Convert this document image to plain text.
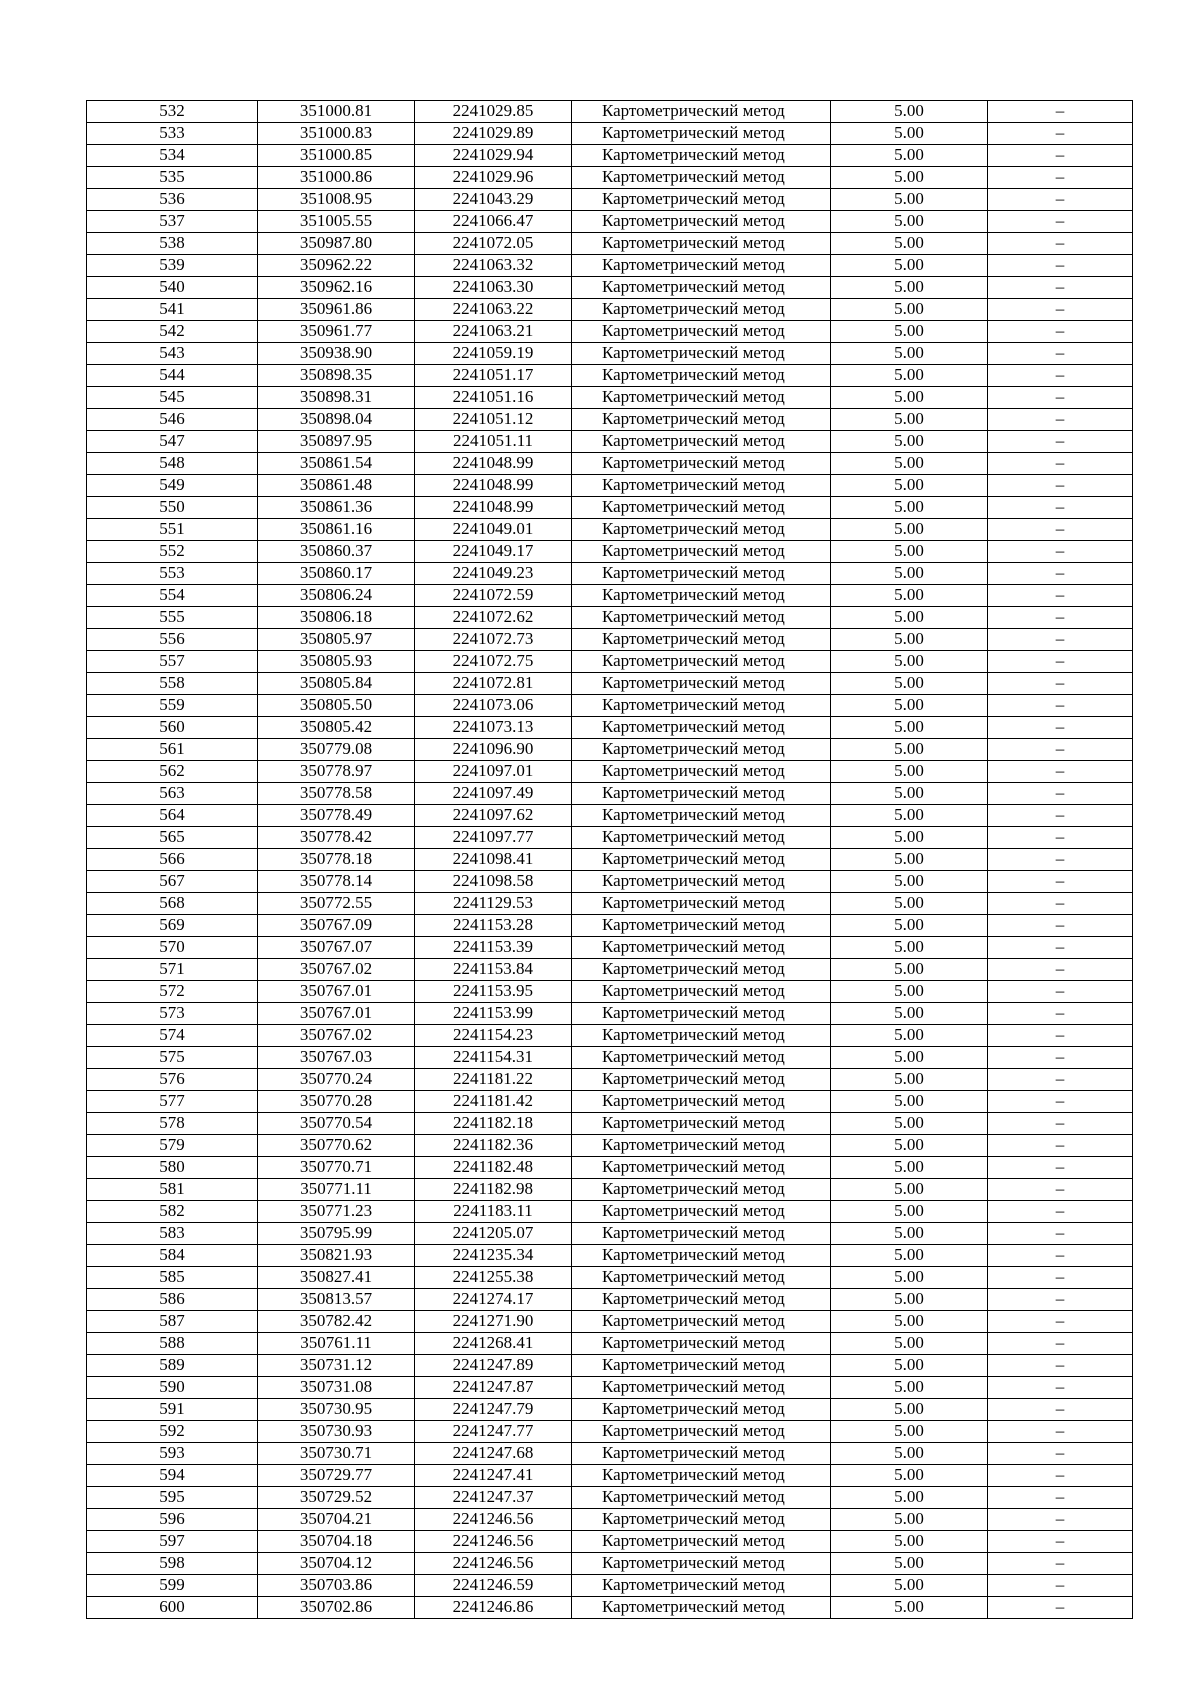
532	351000.81	2241029.85	Картометрический метод	5.00	–
533	351000.83	2241029.89	Картометрический метод	5.00	–
534	351000.85	2241029.94	Картометрический метод	5.00	–
535	351000.86	2241029.96	Картометрический метод	5.00	–
536	351008.95	2241043.29	Картометрический метод	5.00	–
537	351005.55	2241066.47	Картометрический метод	5.00	–
538	350987.80	2241072.05	Картометрический метод	5.00	–
539	350962.22	2241063.32	Картометрический метод	5.00	–
540	350962.16	2241063.30	Картометрический метод	5.00	–
541	350961.86	2241063.22	Картометрический метод	5.00	–
542	350961.77	2241063.21	Картометрический метод	5.00	–
543	350938.90	2241059.19	Картометрический метод	5.00	–
544	350898.35	2241051.17	Картометрический метод	5.00	–
545	350898.31	2241051.16	Картометрический метод	5.00	–
546	350898.04	2241051.12	Картометрический метод	5.00	–
547	350897.95	2241051.11	Картометрический метод	5.00	–
548	350861.54	2241048.99	Картометрический метод	5.00	–
549	350861.48	2241048.99	Картометрический метод	5.00	–
550	350861.36	2241048.99	Картометрический метод	5.00	–
551	350861.16	2241049.01	Картометрический метод	5.00	–
552	350860.37	2241049.17	Картометрический метод	5.00	–
553	350860.17	2241049.23	Картометрический метод	5.00	–
554	350806.24	2241072.59	Картометрический метод	5.00	–
555	350806.18	2241072.62	Картометрический метод	5.00	–
556	350805.97	2241072.73	Картометрический метод	5.00	–
557	350805.93	2241072.75	Картометрический метод	5.00	–
558	350805.84	2241072.81	Картометрический метод	5.00	–
559	350805.50	2241073.06	Картометрический метод	5.00	–
560	350805.42	2241073.13	Картометрический метод	5.00	–
561	350779.08	2241096.90	Картометрический метод	5.00	–
562	350778.97	2241097.01	Картометрический метод	5.00	–
563	350778.58	2241097.49	Картометрический метод	5.00	–
564	350778.49	2241097.62	Картометрический метод	5.00	–
565	350778.42	2241097.77	Картометрический метод	5.00	–
566	350778.18	2241098.41	Картометрический метод	5.00	–
567	350778.14	2241098.58	Картометрический метод	5.00	–
568	350772.55	2241129.53	Картометрический метод	5.00	–
569	350767.09	2241153.28	Картометрический метод	5.00	–
570	350767.07	2241153.39	Картометрический метод	5.00	–
571	350767.02	2241153.84	Картометрический метод	5.00	–
572	350767.01	2241153.95	Картометрический метод	5.00	–
573	350767.01	2241153.99	Картометрический метод	5.00	–
574	350767.02	2241154.23	Картометрический метод	5.00	–
575	350767.03	2241154.31	Картометрический метод	5.00	–
576	350770.24	2241181.22	Картометрический метод	5.00	–
577	350770.28	2241181.42	Картометрический метод	5.00	–
578	350770.54	2241182.18	Картометрический метод	5.00	–
579	350770.62	2241182.36	Картометрический метод	5.00	–
580	350770.71	2241182.48	Картометрический метод	5.00	–
581	350771.11	2241182.98	Картометрический метод	5.00	–
582	350771.23	2241183.11	Картометрический метод	5.00	–
583	350795.99	2241205.07	Картометрический метод	5.00	–
584	350821.93	2241235.34	Картометрический метод	5.00	–
585	350827.41	2241255.38	Картометрический метод	5.00	–
586	350813.57	2241274.17	Картометрический метод	5.00	–
587	350782.42	2241271.90	Картометрический метод	5.00	–
588	350761.11	2241268.41	Картометрический метод	5.00	–
589	350731.12	2241247.89	Картометрический метод	5.00	–
590	350731.08	2241247.87	Картометрический метод	5.00	–
591	350730.95	2241247.79	Картометрический метод	5.00	–
592	350730.93	2241247.77	Картометрический метод	5.00	–
593	350730.71	2241247.68	Картометрический метод	5.00	–
594	350729.77	2241247.41	Картометрический метод	5.00	–
595	350729.52	2241247.37	Картометрический метод	5.00	–
596	350704.21	2241246.56	Картометрический метод	5.00	–
597	350704.18	2241246.56	Картометрический метод	5.00	–
598	350704.12	2241246.56	Картометрический метод	5.00	–
599	350703.86	2241246.59	Картометрический метод	5.00	–
600	350702.86	2241246.86	Картометрический метод	5.00	–
